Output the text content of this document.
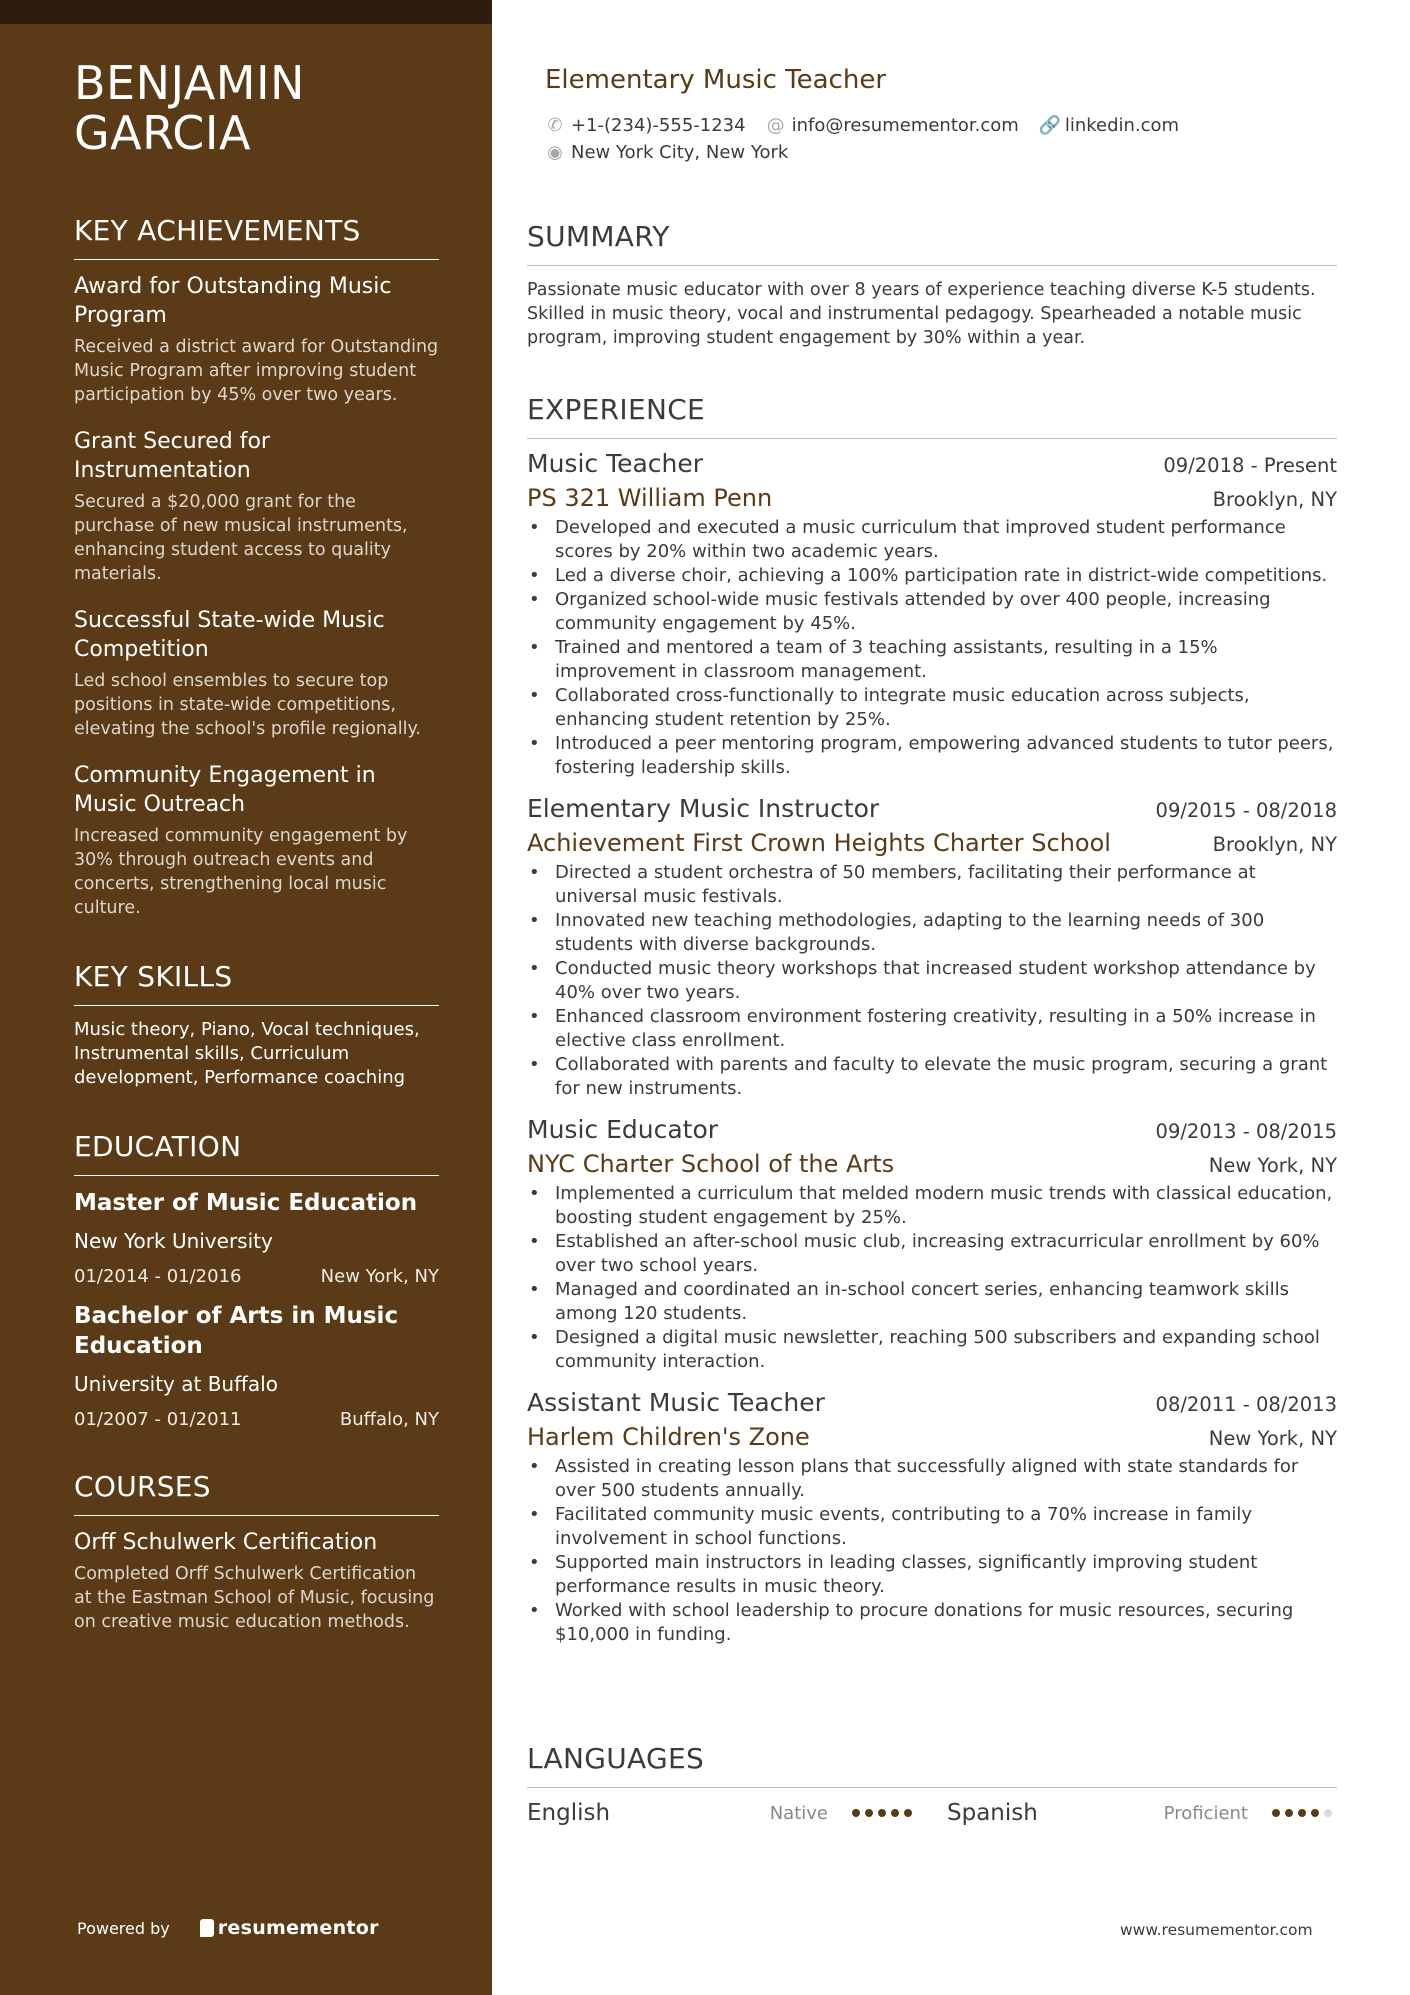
BENJAMIN
GARCIA
KEY ACHIEVEMENTS
Award for Outstanding Music Program
Received a district award for Outstanding Music Program after improving student participation by 45% over two years.
Grant Secured for Instrumentation
Secured a $20,000 grant for the purchase of new musical instruments, enhancing student access to quality materials.
Successful State-wide Music Competition
Led school ensembles to secure top positions in state-wide competitions, elevating the school's profile regionally.
Community Engagement in Music Outreach
Increased community engagement by 30% through outreach events and concerts, strengthening local music culture.
KEY SKILLS
Music theory, Piano, Vocal techniques, Instrumental skills, Curriculum development, Performance coaching
EDUCATION
Master of Music Education
New York University
01/2014 - 01/2016	New York, NY
Bachelor of Arts in Music Education
University at Buffalo
01/2007 - 01/2011	Buffalo, NY
COURSES
Orff Schulwerk Certification
Completed Orff Schulwerk Certification at the Eastman School of Music, focusing on creative music education methods.
Powered by	resumementor
Elementary Music Teacher
✆ +1-(234)-555-1234 @ info@resumementor.com 🔗 linkedin.com
◉ New York City, New York
SUMMARY
Passionate music educator with over 8 years of experience teaching diverse K-5 students. Skilled in music theory, vocal and instrumental pedagogy. Spearheaded a notable music program, improving student engagement by 30% within a year.
EXPERIENCE
Music Teacher	09/2018 - Present
PS 321 William Penn	Brooklyn, NY
• Developed and executed a music curriculum that improved student performance scores by 20% within two academic years.
• Led a diverse choir, achieving a 100% participation rate in district-wide competitions.
• Organized school-wide music festivals attended by over 400 people, increasing community engagement by 45%.
• Trained and mentored a team of 3 teaching assistants, resulting in a 15% improvement in classroom management.
• Collaborated cross-functionally to integrate music education across subjects, enhancing student retention by 25%.
• Introduced a peer mentoring program, empowering advanced students to tutor peers, fostering leadership skills.
Elementary Music Instructor	09/2015 - 08/2018
Achievement First Crown Heights Charter School	Brooklyn, NY
• Directed a student orchestra of 50 members, facilitating their performance at universal music festivals.
• Innovated new teaching methodologies, adapting to the learning needs of 300 students with diverse backgrounds.
• Conducted music theory workshops that increased student workshop attendance by 40% over two years.
• Enhanced classroom environment fostering creativity, resulting in a 50% increase in elective class enrollment.
• Collaborated with parents and faculty to elevate the music program, securing a grant for new instruments.
Music Educator	09/2013 - 08/2015
NYC Charter School of the Arts	New York, NY
• Implemented a curriculum that melded modern music trends with classical education, boosting student engagement by 25%.
• Established an after-school music club, increasing extracurricular enrollment by 60% over two school years.
• Managed and coordinated an in-school concert series, enhancing teamwork skills among 120 students.
• Designed a digital music newsletter, reaching 500 subscribers and expanding school community interaction.
Assistant Music Teacher	08/2011 - 08/2013
Harlem Children's Zone	New York, NY
• Assisted in creating lesson plans that successfully aligned with state standards for over 500 students annually.
• Facilitated community music events, contributing to a 70% increase in family involvement in school functions.
• Supported main instructors in leading classes, significantly improving student performance results in music theory.
• Worked with school leadership to procure donations for music resources, securing $10,000 in funding.
LANGUAGES
English	Native	Spanish	Proficient
www.resumementor.com
